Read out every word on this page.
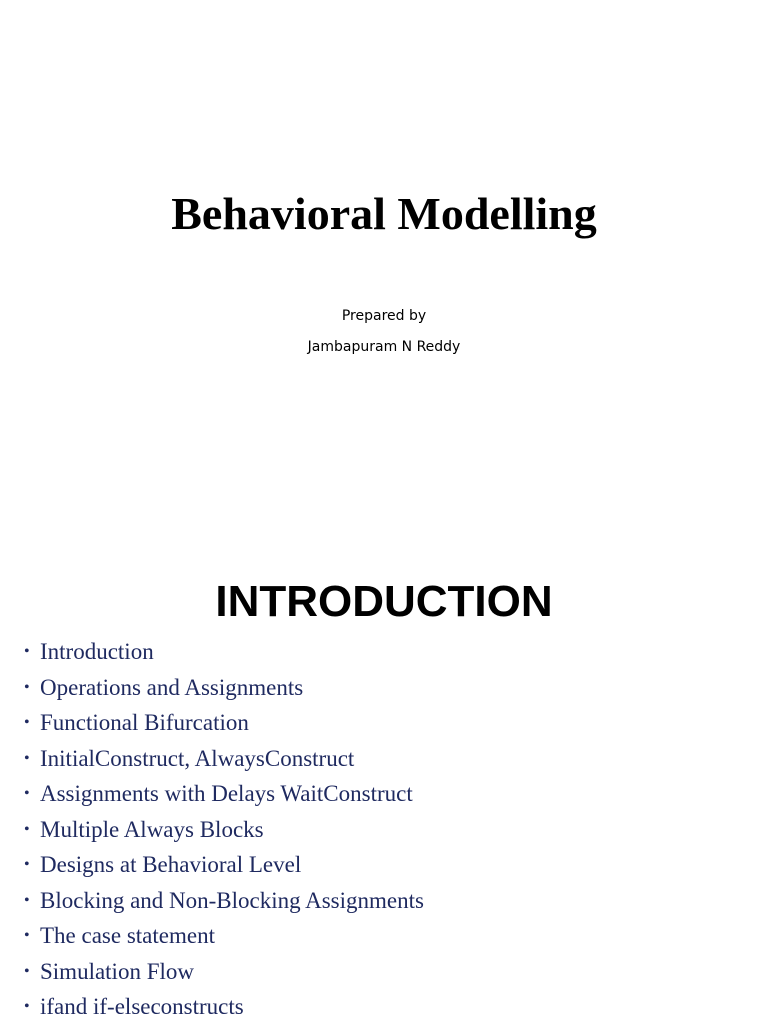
Behavioral Modelling
Prepared by
Jambapuram N Reddy
INTRODUCTION
• Introduction
• Operations and Assignments
• Functional Bifurcation
• InitialConstruct, AlwaysConstruct
• Assignments with Delays WaitConstruct
• Multiple Always Blocks
• Designs at Behavioral Level
• Blocking and Non-Blocking Assignments
• The case statement
• Simulation Flow
• ifand if-elseconstructs
